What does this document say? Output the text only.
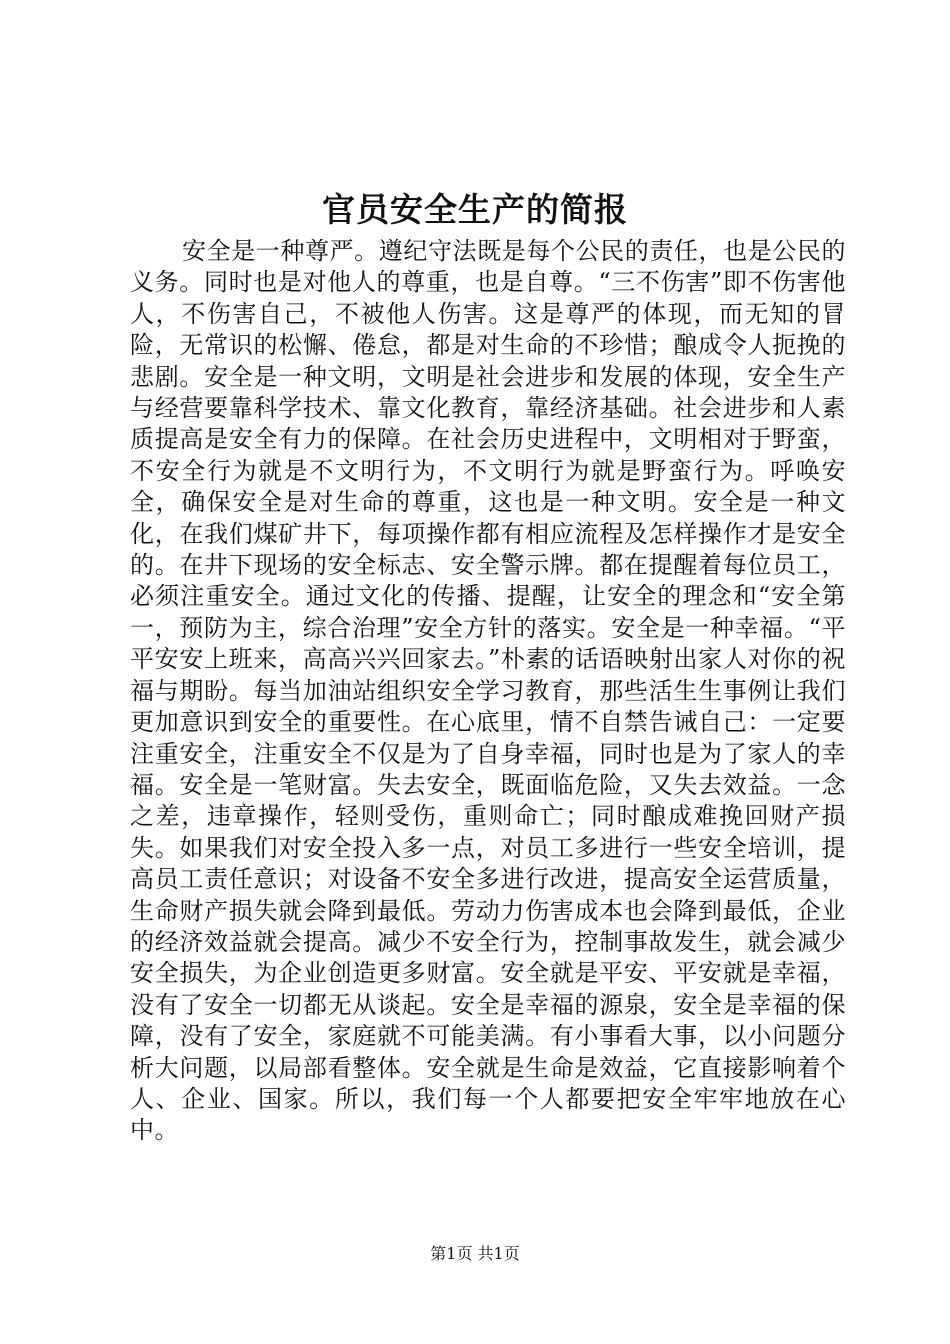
官员安全生产的简报

安全是一种尊严。遵纪守法既是每个公民的责任，也是公民的义务。同时也是对他人的尊重，也是自尊。“三不伤害”即不伤害他人，不伤害自己，不被他人伤害。这是尊严的体现，而无知的冒险，无常识的松懈、倦怠，都是对生命的不珍惜；酿成令人扼挽的悲剧。安全是一种文明，文明是社会进步和发展的体现，安全生产与经营要靠科学技术、靠文化教育，靠经济基础。社会进步和人素质提高是安全有力的保障。在社会历史进程中，文明相对于野蛮，不安全行为就是不文明行为，不文明行为就是野蛮行为。呼唤安全，确保安全是对生命的尊重，这也是一种文明。安全是一种文化，在我们煤矿井下，每项操作都有相应流程及怎样操作才是安全的。在井下现场的安全标志、安全警示牌。都在提醒着每位员工，必须注重安全。通过文化的传播、提醒，让安全的理念和“安全第一，预防为主，综合治理”安全方针的落实。安全是一种幸福。“平平安安上班来，高高兴兴回家去。”朴素的话语映射出家人对你的祝福与期盼。每当加油站组织安全学习教育，那些活生生事例让我们更加意识到安全的重要性。在心底里，情不自禁告诫自己：一定要注重安全，注重安全不仅是为了自身幸福，同时也是为了家人的幸福。安全是一笔财富。失去安全，既面临危险，又失去效益。一念之差，违章操作，轻则受伤，重则命亡；同时酿成难挽回财产损失。如果我们对安全投入多一点，对员工多进行一些安全培训，提高员工责任意识；对设备不安全多进行改进，提高安全运营质量，生命财产损失就会降到最低。劳动力伤害成本也会降到最低，企业的经济效益就会提高。减少不安全行为，控制事故发生，就会减少安全损失，为企业创造更多财富。安全就是平安、平安就是幸福，没有了安全一切都无从谈起。安全是幸福的源泉，安全是幸福的保障，没有了安全，家庭就不可能美满。有小事看大事，以小问题分析大问题，以局部看整体。安全就是生命是效益，它直接影响着个人、企业、国家。所以，我们每一个人都要把安全牢牢地放在心中。

第1页 共1页
